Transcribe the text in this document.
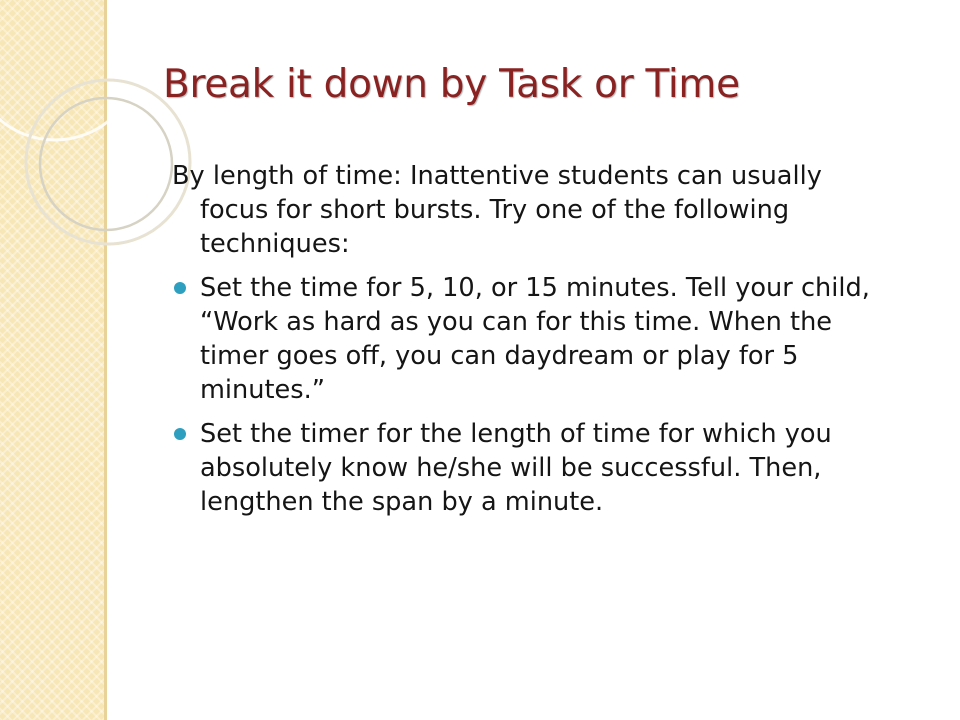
Break it down by Task or Time

By length of time: Inattentive students can usually focus for short bursts. Try one of the following techniques:

Set the time for 5, 10, or 15 minutes. Tell your child, “Work as hard as you can for this time. When the timer goes off, you can daydream or play for 5 minutes.”
Set the timer for the length of time for which you absolutely know he/she will be successful. Then, lengthen the span by a minute.
